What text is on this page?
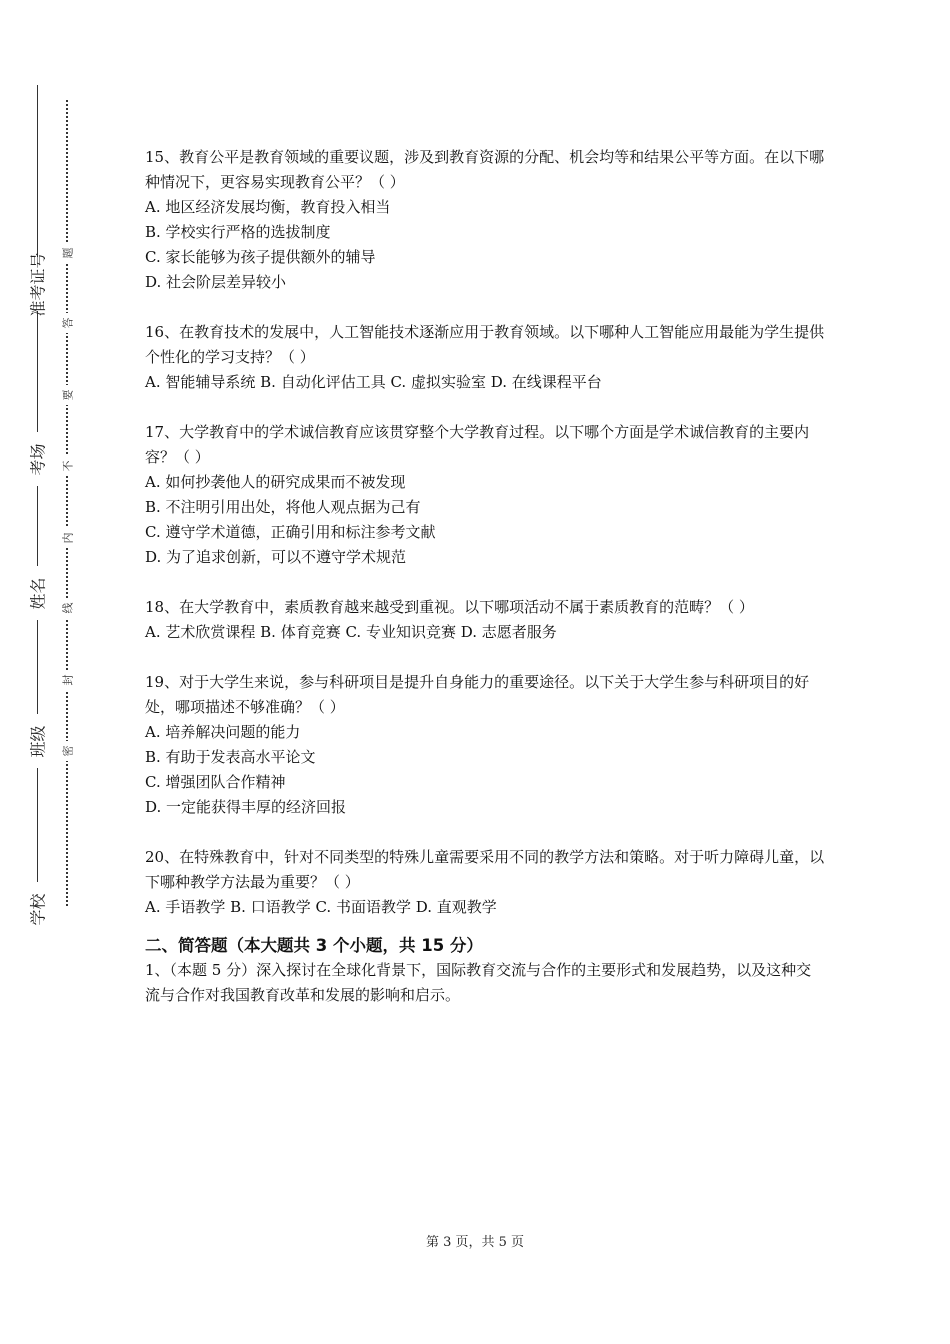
准考证号
考场
姓名
班级
学校
题
答
要
不
内
线
封
密

15、教育公平是教育领域的重要议题，涉及到教育资源的分配、机会均等和结果公平等方面。在以下哪种情况下，更容易实现教育公平？（ ）

A. 地区经济发展均衡，教育投入相当

B. 学校实行严格的选拔制度

C. 家长能够为孩子提供额外的辅导

D. 社会阶层差异较小

16、在教育技术的发展中，人工智能技术逐渐应用于教育领域。以下哪种人工智能应用最能为学生提供个性化的学习支持？（ ）

A. 智能辅导系统 B. 自动化评估工具 C. 虚拟实验室 D. 在线课程平台

17、大学教育中的学术诚信教育应该贯穿整个大学教育过程。以下哪个方面是学术诚信教育的主要内容？（ ）

A. 如何抄袭他人的研究成果而不被发现

B. 不注明引用出处，将他人观点据为己有

C. 遵守学术道德，正确引用和标注参考文献

D. 为了追求创新，可以不遵守学术规范

18、在大学教育中，素质教育越来越受到重视。以下哪项活动不属于素质教育的范畴？（ ）

A. 艺术欣赏课程 B. 体育竞赛 C. 专业知识竞赛 D. 志愿者服务

19、对于大学生来说，参与科研项目是提升自身能力的重要途径。以下关于大学生参与科研项目的好处，哪项描述不够准确？（ ）

A. 培养解决问题的能力

B. 有助于发表高水平论文

C. 增强团队合作精神

D. 一定能获得丰厚的经济回报

20、在特殊教育中，针对不同类型的特殊儿童需要采用不同的教学方法和策略。对于听力障碍儿童，以下哪种教学方法最为重要？（ ）

A. 手语教学 B. 口语教学 C. 书面语教学 D. 直观教学

二、简答题（本大题共 3 个小题，共 15 分）

1、（本题 5 分）深入探讨在全球化背景下，国际教育交流与合作的主要形式和发展趋势，以及这种交流与合作对我国教育改革和发展的影响和启示。

第 3 页，共 5 页
